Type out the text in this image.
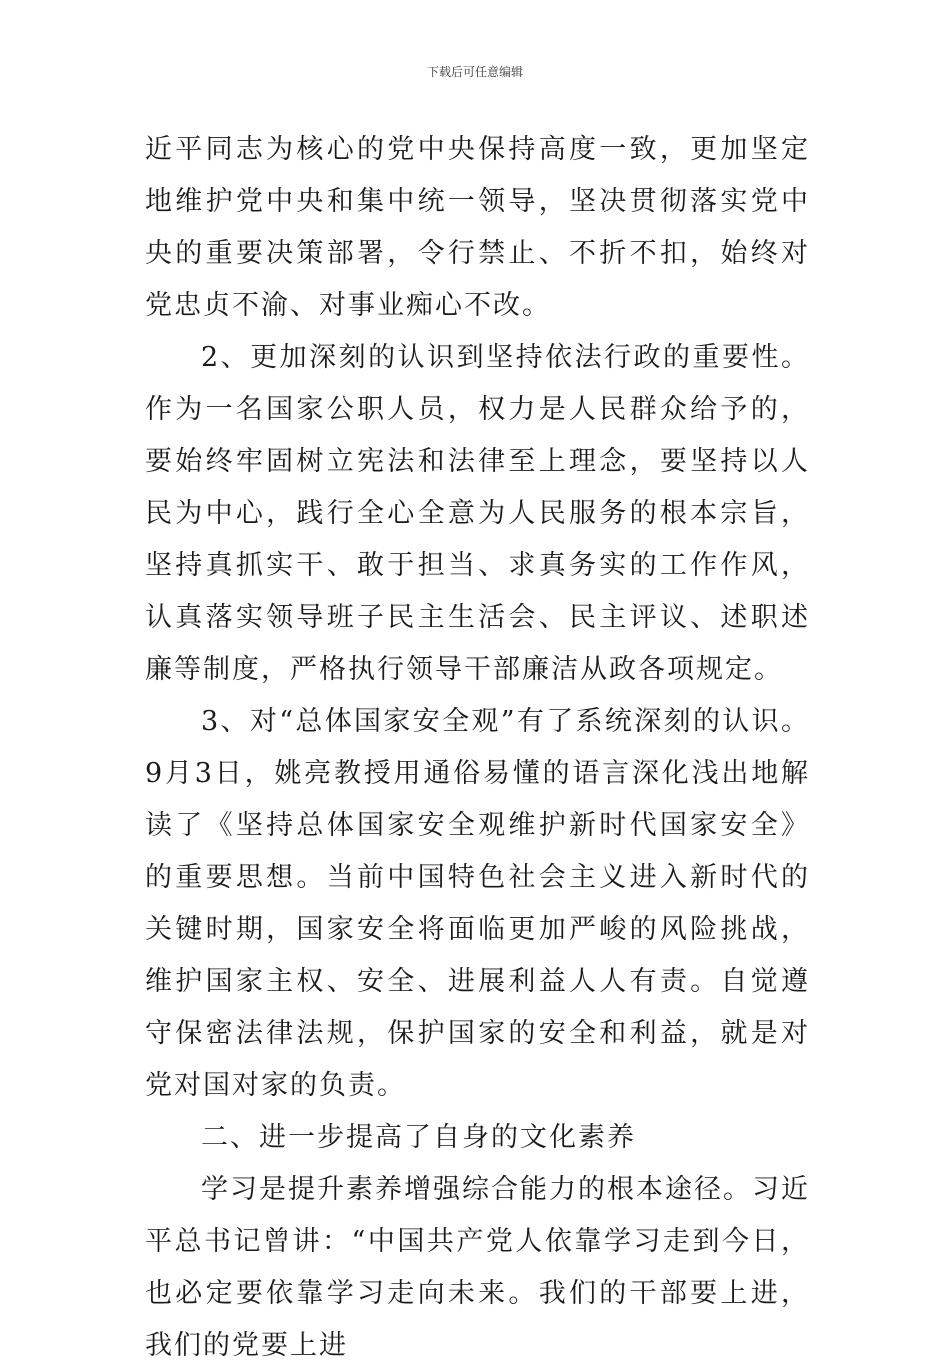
下载后可任意编辑

近平同志为核心的党中央保持高度一致，更加坚定地维护党中央和集中统一领导，坚决贯彻落实党中央的重要决策部署，令行禁止、不折不扣，始终对党忠贞不渝、对事业痴心不改。

2、更加深刻的认识到坚持依法行政的重要性。作为一名国家公职人员，权力是人民群众给予的，要始终牢固树立宪法和法律至上理念，要坚持以人民为中心，践行全心全意为人民服务的根本宗旨，坚持真抓实干、敢于担当、求真务实的工作作风，认真落实领导班子民主生活会、民主评议、述职述廉等制度，严格执行领导干部廉洁从政各项规定。

3、对“总体国家安全观”有了系统深刻的认识。9月3日，姚亮教授用通俗易懂的语言深化浅出地解读了《坚持总体国家安全观维护新时代国家安全》的重要思想。当前中国特色社会主义进入新时代的关键时期，国家安全将面临更加严峻的风险挑战，维护国家主权、安全、进展利益人人有责。自觉遵守保密法律法规，保护国家的安全和利益，就是对党对国对家的负责。

二、进一步提高了自身的文化素养

学习是提升素养增强综合能力的根本途径。习近平总书记曾讲：“中国共产党人依靠学习走到今日，也必定要依靠学习走向未来。我们的干部要上进，我们的党要上进
